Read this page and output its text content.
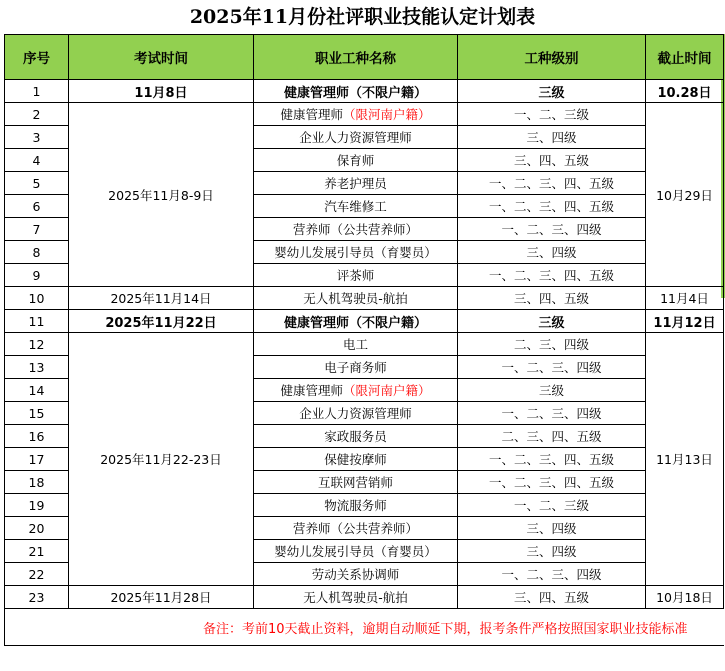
2025年11月份社评职业技能认定计划表
序号	考试时间	职业工种名称	工种级别	截止时间
1	11月8日	健康管理师（不限户籍）	三级	10.28日
2	2025年11月8-9日	健康管理师（限河南户籍）	一、二、三级	10月29日
3		企业人力资源管理师	三、四级	
4		保育师	三、四、五级	
5		养老护理员	一、二、三、四、五级	
6		汽车维修工	一、二、三、四、五级	
7		营养师（公共营养师）	一、二、三、四级	
8		婴幼儿发展引导员（育婴员）	三、四级	
9		评茶师	一、二、三、四、五级	
10	2025年11月14日	无人机驾驶员-航拍	三、四、五级	11月4日
11	2025年11月22日	健康管理师（不限户籍）	三级	11月12日
12	2025年11月22-23日	电工	二、三、四级	11月13日
13		电子商务师	一、二、三、四级	
14		健康管理师（限河南户籍）	三级	
15		企业人力资源管理师	一、二、三、四级	
16		家政服务员	二、三、四、五级	
17		保健按摩师	一、二、三、四、五级	
18		互联网营销师	一、二、三、四、五级	
19		物流服务师	一、二、三级	
20		营养师（公共营养师）	三、四级	
21		婴幼儿发展引导员（育婴员）	三、四级	
22		劳动关系协调师	一、二、三、四级	
23	2025年11月28日	无人机驾驶员-航拍	三、四、五级	10月18日
备注：考前10天截止资料，逾期自动顺延下期，报考条件严格按照国家职业技能标准				
